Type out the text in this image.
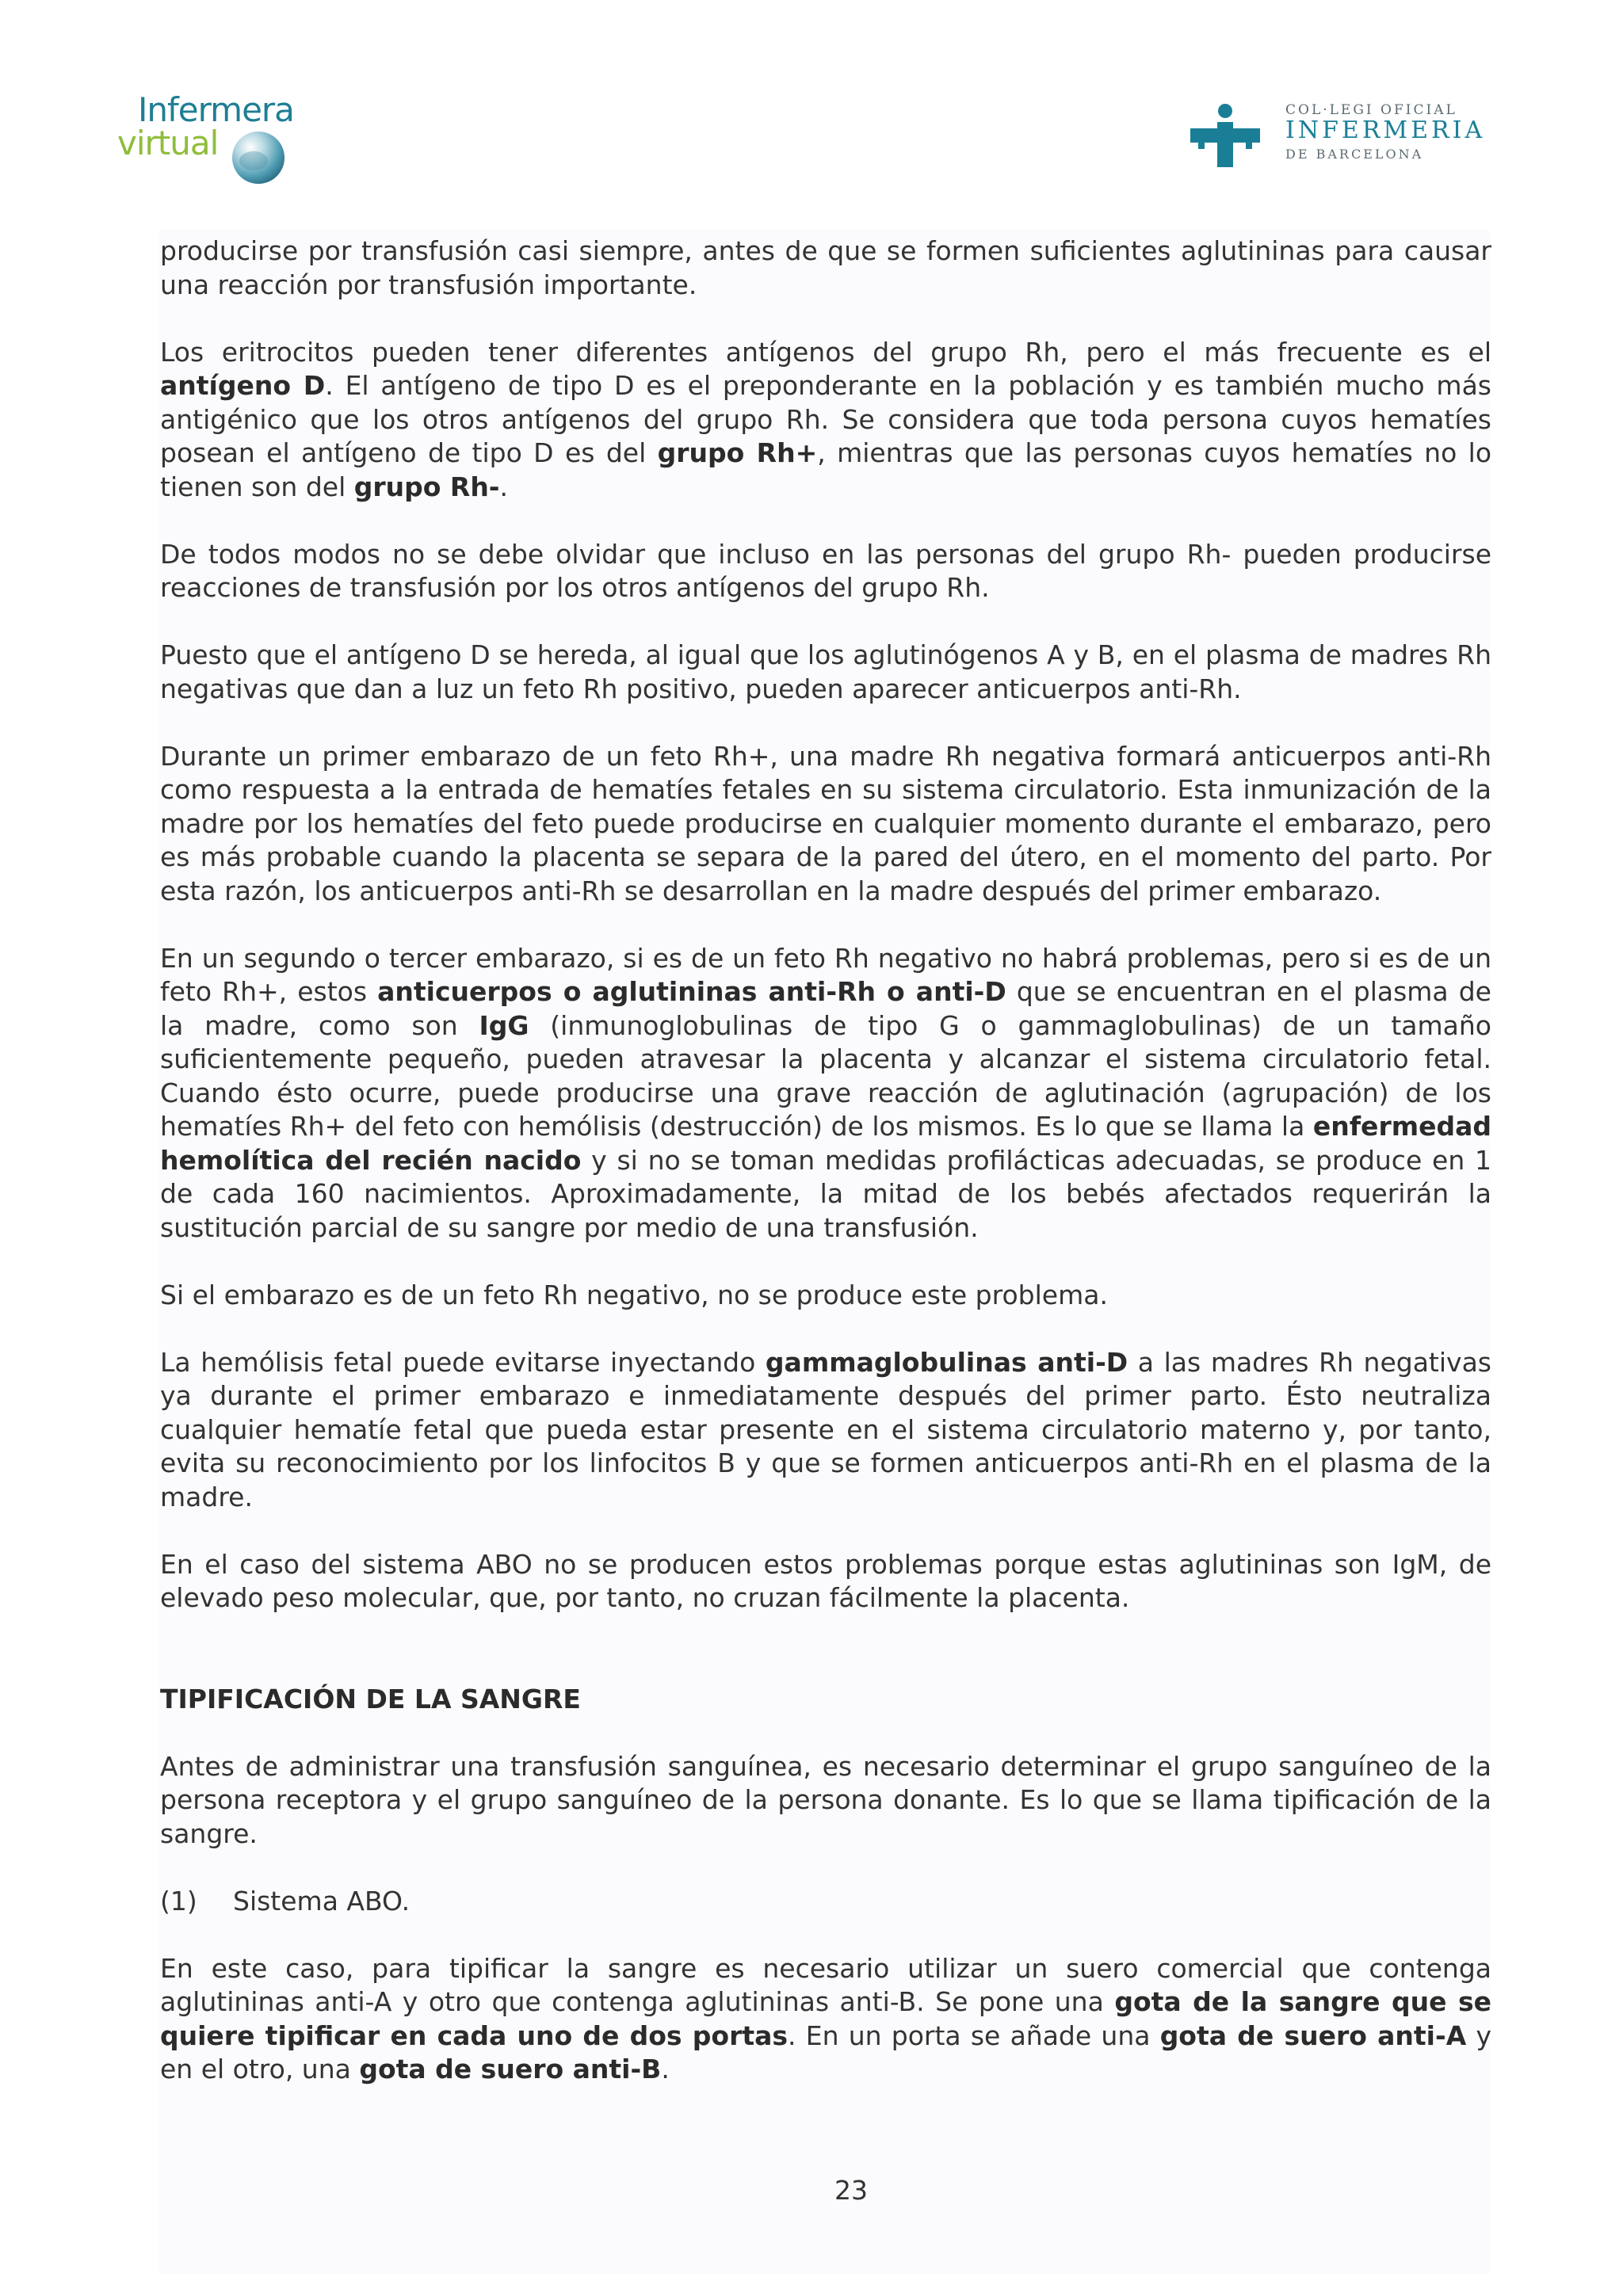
Infermera
virtual
COL·LEGI OFICIAL
INFERMERIA
DE BARCELONA

producirse por transfusión casi siempre, antes de que se formen suficientes aglutininas para causar una reacción por transfusión importante.

Los eritrocitos pueden tener diferentes antígenos del grupo Rh, pero el más frecuente es el antígeno D. El antígeno de tipo D es el preponderante en la población y es también mucho más antigénico que los otros antígenos del grupo Rh. Se considera que toda persona cuyos hematíes posean el antígeno de tipo D es del grupo Rh+, mientras que las personas cuyos hematíes no lo tienen son del grupo Rh-.

De todos modos no se debe olvidar que incluso en las personas del grupo Rh- pueden producirse reacciones de transfusión por los otros antígenos del grupo Rh.

Puesto que el antígeno D se hereda, al igual que los aglutinógenos A y B, en el plasma de madres Rh negativas que dan a luz un feto Rh positivo, pueden aparecer anticuerpos anti-Rh.

Durante un primer embarazo de un feto Rh+, una madre Rh negativa formará anticuerpos anti-Rh como respuesta a la entrada de hematíes fetales en su sistema circulatorio. Esta inmunización de la madre por los hematíes del feto puede producirse en cualquier momento durante el embarazo, pero es más probable cuando la placenta se separa de la pared del útero, en el momento del parto. Por esta razón, los anticuerpos anti-Rh se desarrollan en la madre después del primer embarazo.

En un segundo o tercer embarazo, si es de un feto Rh negativo no habrá problemas, pero si es de un feto Rh+, estos anticuerpos o aglutininas anti-Rh o anti-D que se encuentran en el plasma de la madre, como son IgG (inmunoglobulinas de tipo G o gammaglobulinas) de un tamaño suficientemente pequeño, pueden atravesar la placenta y alcanzar el sistema circulatorio fetal. Cuando ésto ocurre, puede producirse una grave reacción de aglutinación (agrupación) de los hematíes Rh+ del feto con hemólisis (destrucción) de los mismos. Es lo que se llama la enfermedad hemolítica del recién nacido y si no se toman medidas profilácticas adecuadas, se produce en 1 de cada 160 nacimientos. Aproximadamente, la mitad de los bebés afectados requerirán la sustitución parcial de su sangre por medio de una transfusión.

Si el embarazo es de un feto Rh negativo, no se produce este problema.

La hemólisis fetal puede evitarse inyectando gammaglobulinas anti-D a las madres Rh negativas ya durante el primer embarazo e inmediatamente después del primer parto. Ésto neutraliza cualquier hematíe fetal que pueda estar presente en el sistema circulatorio materno y, por tanto, evita su reconocimiento por los linfocitos B y que se formen anticuerpos anti-Rh en el plasma de la madre.

En el caso del sistema ABO no se producen estos problemas porque estas aglutininas son IgM, de elevado peso molecular, que, por tanto, no cruzan fácilmente la placenta.

TIPIFICACIÓN DE LA SANGRE

Antes de administrar una transfusión sanguínea, es necesario determinar el grupo sanguíneo de la persona receptora y el grupo sanguíneo de la persona donante. Es lo que se llama tipificación de la sangre.

(1) Sistema ABO.

En este caso, para tipificar la sangre es necesario utilizar un suero comercial que contenga aglutininas anti-A y otro que contenga aglutininas anti-B. Se pone una gota de la sangre que se quiere tipificar en cada uno de dos portas. En un porta se añade una gota de suero anti-A y en el otro, una gota de suero anti-B.

23
